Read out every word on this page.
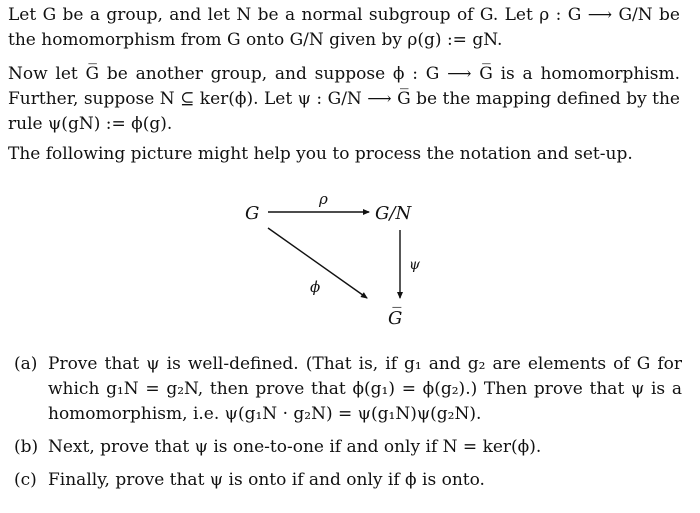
Let G be a group, and let N be a normal subgroup of G. Let ρ : G ⟶ G/N be the homomorphism from G onto G/N given by ρ(g) := gN.

Now let G̅ be another group, and suppose ϕ : G ⟶ G̅ is a homomorphism. Further, suppose N ⊆ ker(ϕ). Let ψ : G/N ⟶ G̅ be the mapping defined by the rule ψ(gN) := ϕ(g).

The following picture might help you to process the notation and set-up.

G	G/N
G̅
ρ
ϕ
ψ
(a) Prove that ψ is well-defined. (That is, if g₁ and g₂ are elements of G for which g₁N = g₂N, then prove that ϕ(g₁) = ϕ(g₂).) Then prove that ψ is a homomorphism, i.e. ψ(g₁N · g₂N) = ψ(g₁N)ψ(g₂N).
(b) Next, prove that ψ is one-to-one if and only if N = ker(ϕ).
(c) Finally, prove that ψ is onto if and only if ϕ is onto.
